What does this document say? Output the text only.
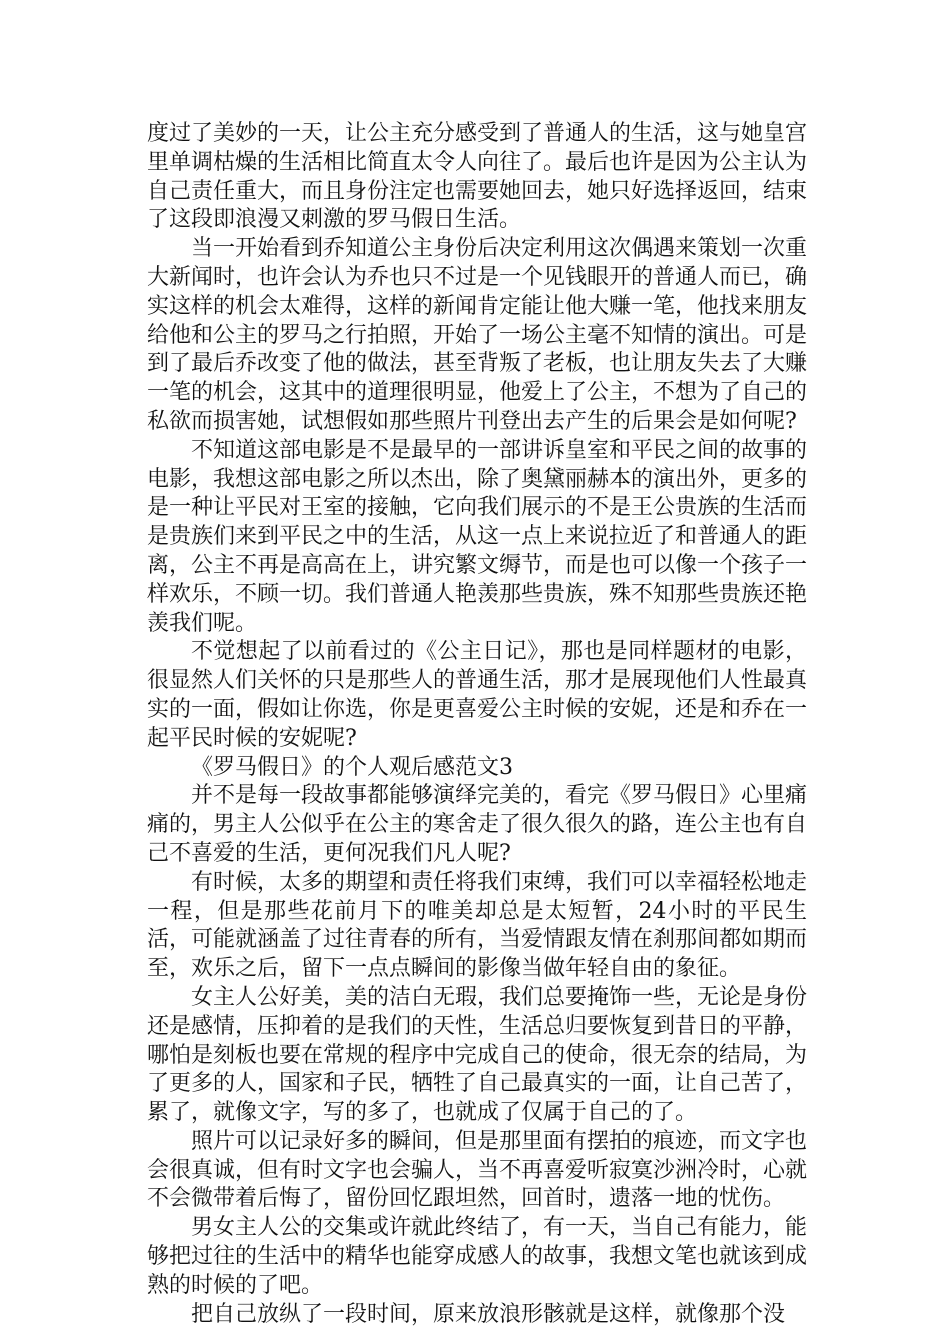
度过了美妙的一天，让公主充分感受到了普通人的生活，这与她皇宫里单调枯燥的生活相比简直太令人向往了。最后也许是因为公主认为自己责任重大，而且身份注定也需要她回去，她只好选择返回，结束了这段即浪漫又刺激的罗马假日生活。

当一开始看到乔知道公主身份后决定利用这次偶遇来策划一次重大新闻时，也许会认为乔也只不过是一个见钱眼开的普通人而已，确实这样的机会太难得，这样的新闻肯定能让他大赚一笔，他找来朋友给他和公主的罗马之行拍照，开始了一场公主毫不知情的演出。可是到了最后乔改变了他的做法，甚至背叛了老板，也让朋友失去了大赚一笔的机会，这其中的道理很明显，他爱上了公主，不想为了自己的私欲而损害她，试想假如那些照片刊登出去产生的后果会是如何呢?

不知道这部电影是不是最早的一部讲诉皇室和平民之间的故事的电影，我想这部电影之所以杰出，除了奥黛丽赫本的演出外，更多的是一种让平民对王室的接触，它向我们展示的不是王公贵族的生活而是贵族们来到平民之中的生活，从这一点上来说拉近了和普通人的距离，公主不再是高高在上，讲究繁文缛节，而是也可以像一个孩子一样欢乐，不顾一切。我们普通人艳羡那些贵族，殊不知那些贵族还艳羡我们呢。

不觉想起了以前看过的《公主日记》，那也是同样题材的电影，很显然人们关怀的只是那些人的普通生活，那才是展现他们人性最真实的一面，假如让你选，你是更喜爱公主时候的安妮，还是和乔在一起平民时候的安妮呢?

《罗马假日》的个人观后感范文3

并不是每一段故事都能够演绎完美的，看完《罗马假日》心里痛痛的，男主人公似乎在公主的寒舍走了很久很久的路，连公主也有自己不喜爱的生活，更何况我们凡人呢?

有时候，太多的期望和责任将我们束缚，我们可以幸福轻松地走一程，但是那些花前月下的唯美却总是太短暂，24小时的平民生活，可能就涵盖了过往青春的所有，当爱情跟友情在刹那间都如期而至，欢乐之后，留下一点点瞬间的影像当做年轻自由的象征。

女主人公好美，美的洁白无瑕，我们总要掩饰一些，无论是身份还是感情，压抑着的是我们的天性，生活总归要恢复到昔日的平静，哪怕是刻板也要在常规的程序中完成自己的使命，很无奈的结局，为了更多的人，国家和子民，牺牲了自己最真实的一面，让自己苦了，累了，就像文字，写的多了，也就成了仅属于自己的了。

照片可以记录好多的瞬间，但是那里面有摆拍的痕迹，而文字也会很真诚，但有时文字也会骗人，当不再喜爱听寂寞沙洲冷时，心就不会微带着后悔了，留份回忆跟坦然，回首时，遗落一地的忧伤。

男女主人公的交集或许就此终结了，有一天，当自己有能力，能够把过往的生活中的精华也能穿成感人的故事，我想文笔也就该到成熟的时候的了吧。

把自己放纵了一段时间，原来放浪形骸就是这样，就像那个没
